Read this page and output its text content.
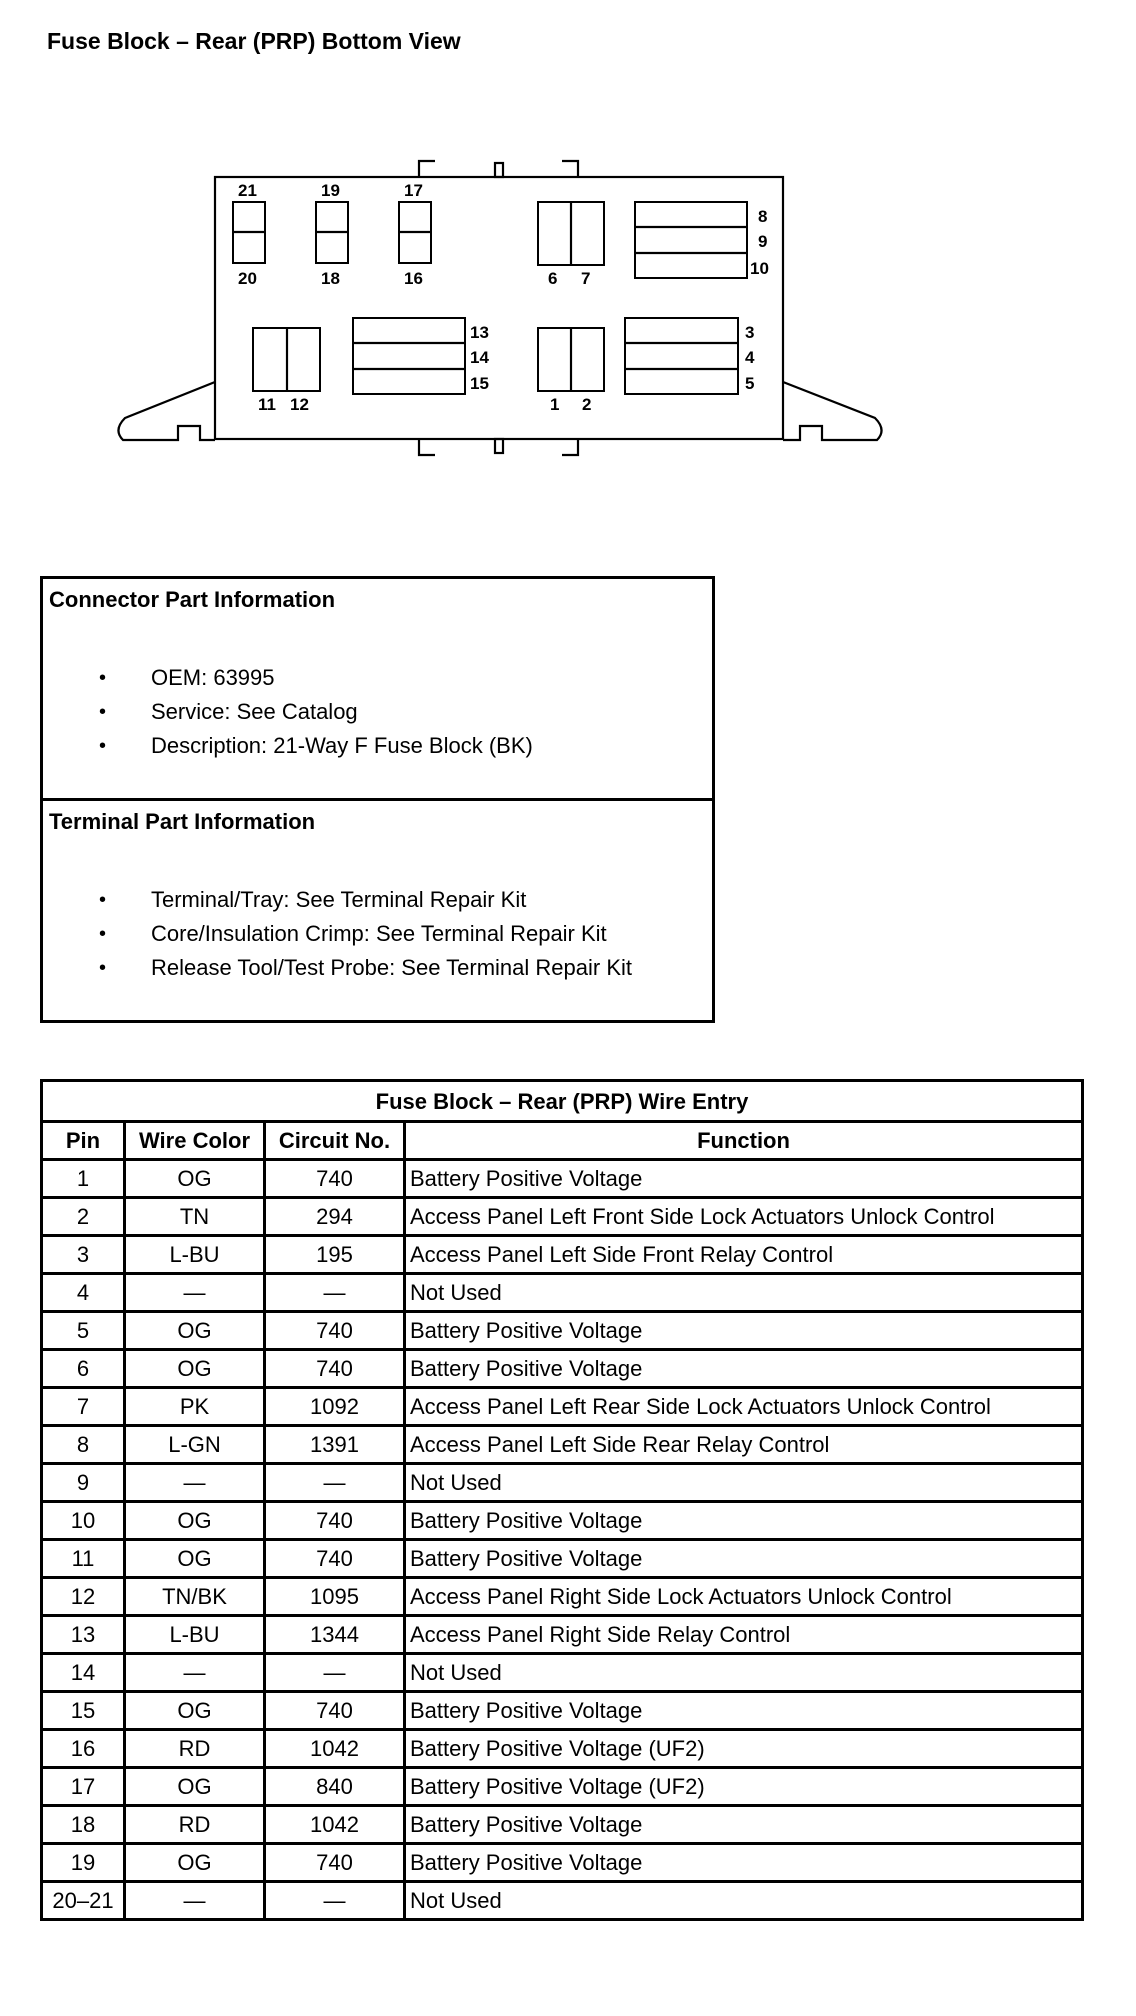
Fuse Block – Rear (PRP) Bottom View
21	19	17
20	18	16	6 7
8
9
10
11 12
13
14
15
1 2
3
4
5
Connector Part Information
• OEM: 63995
• Service: See Catalog
• Description: 21-Way F Fuse Block (BK)
Terminal Part Information
• Terminal/Tray: See Terminal Repair Kit
• Core/Insulation Crimp: See Terminal Repair Kit
• Release Tool/Test Probe: See Terminal Repair Kit
Fuse Block – Rear (PRP) Wire Entry			
Pin	Wire Color	Circuit No.	Function
1	OG	740	Battery Positive Voltage
2	TN	294	Access Panel Left Front Side Lock Actuators Unlock Control
3	L-BU	195	Access Panel Left Side Front Relay Control
4	—	—	Not Used
5	OG	740	Battery Positive Voltage
6	OG	740	Battery Positive Voltage
7	PK	1092	Access Panel Left Rear Side Lock Actuators Unlock Control
8	L-GN	1391	Access Panel Left Side Rear Relay Control
9	—	—	Not Used
10	OG	740	Battery Positive Voltage
11	OG	740	Battery Positive Voltage
12	TN/BK	1095	Access Panel Right Side Lock Actuators Unlock Control
13	L-BU	1344	Access Panel Right Side Relay Control
14	—	—	Not Used
15	OG	740	Battery Positive Voltage
16	RD	1042	Battery Positive Voltage (UF2)
17	OG	840	Battery Positive Voltage (UF2)
18	RD	1042	Battery Positive Voltage
19	OG	740	Battery Positive Voltage
20–21	—	—	Not Used
